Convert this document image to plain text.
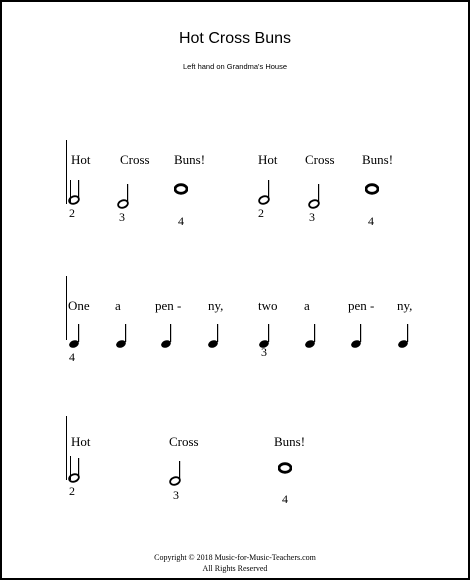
Hot Cross Buns
Left hand on Grandma's House
Hot Cross Buns!	Hot Cross Buns!
2	3	4
2	3	4
One a	pen - ny,	two a	pen - ny,
4	3
Hot	Cross	Buns!
2	3	4
Copyright © 2018 Music-for-Music-Teachers.com
All Rights Reserved
